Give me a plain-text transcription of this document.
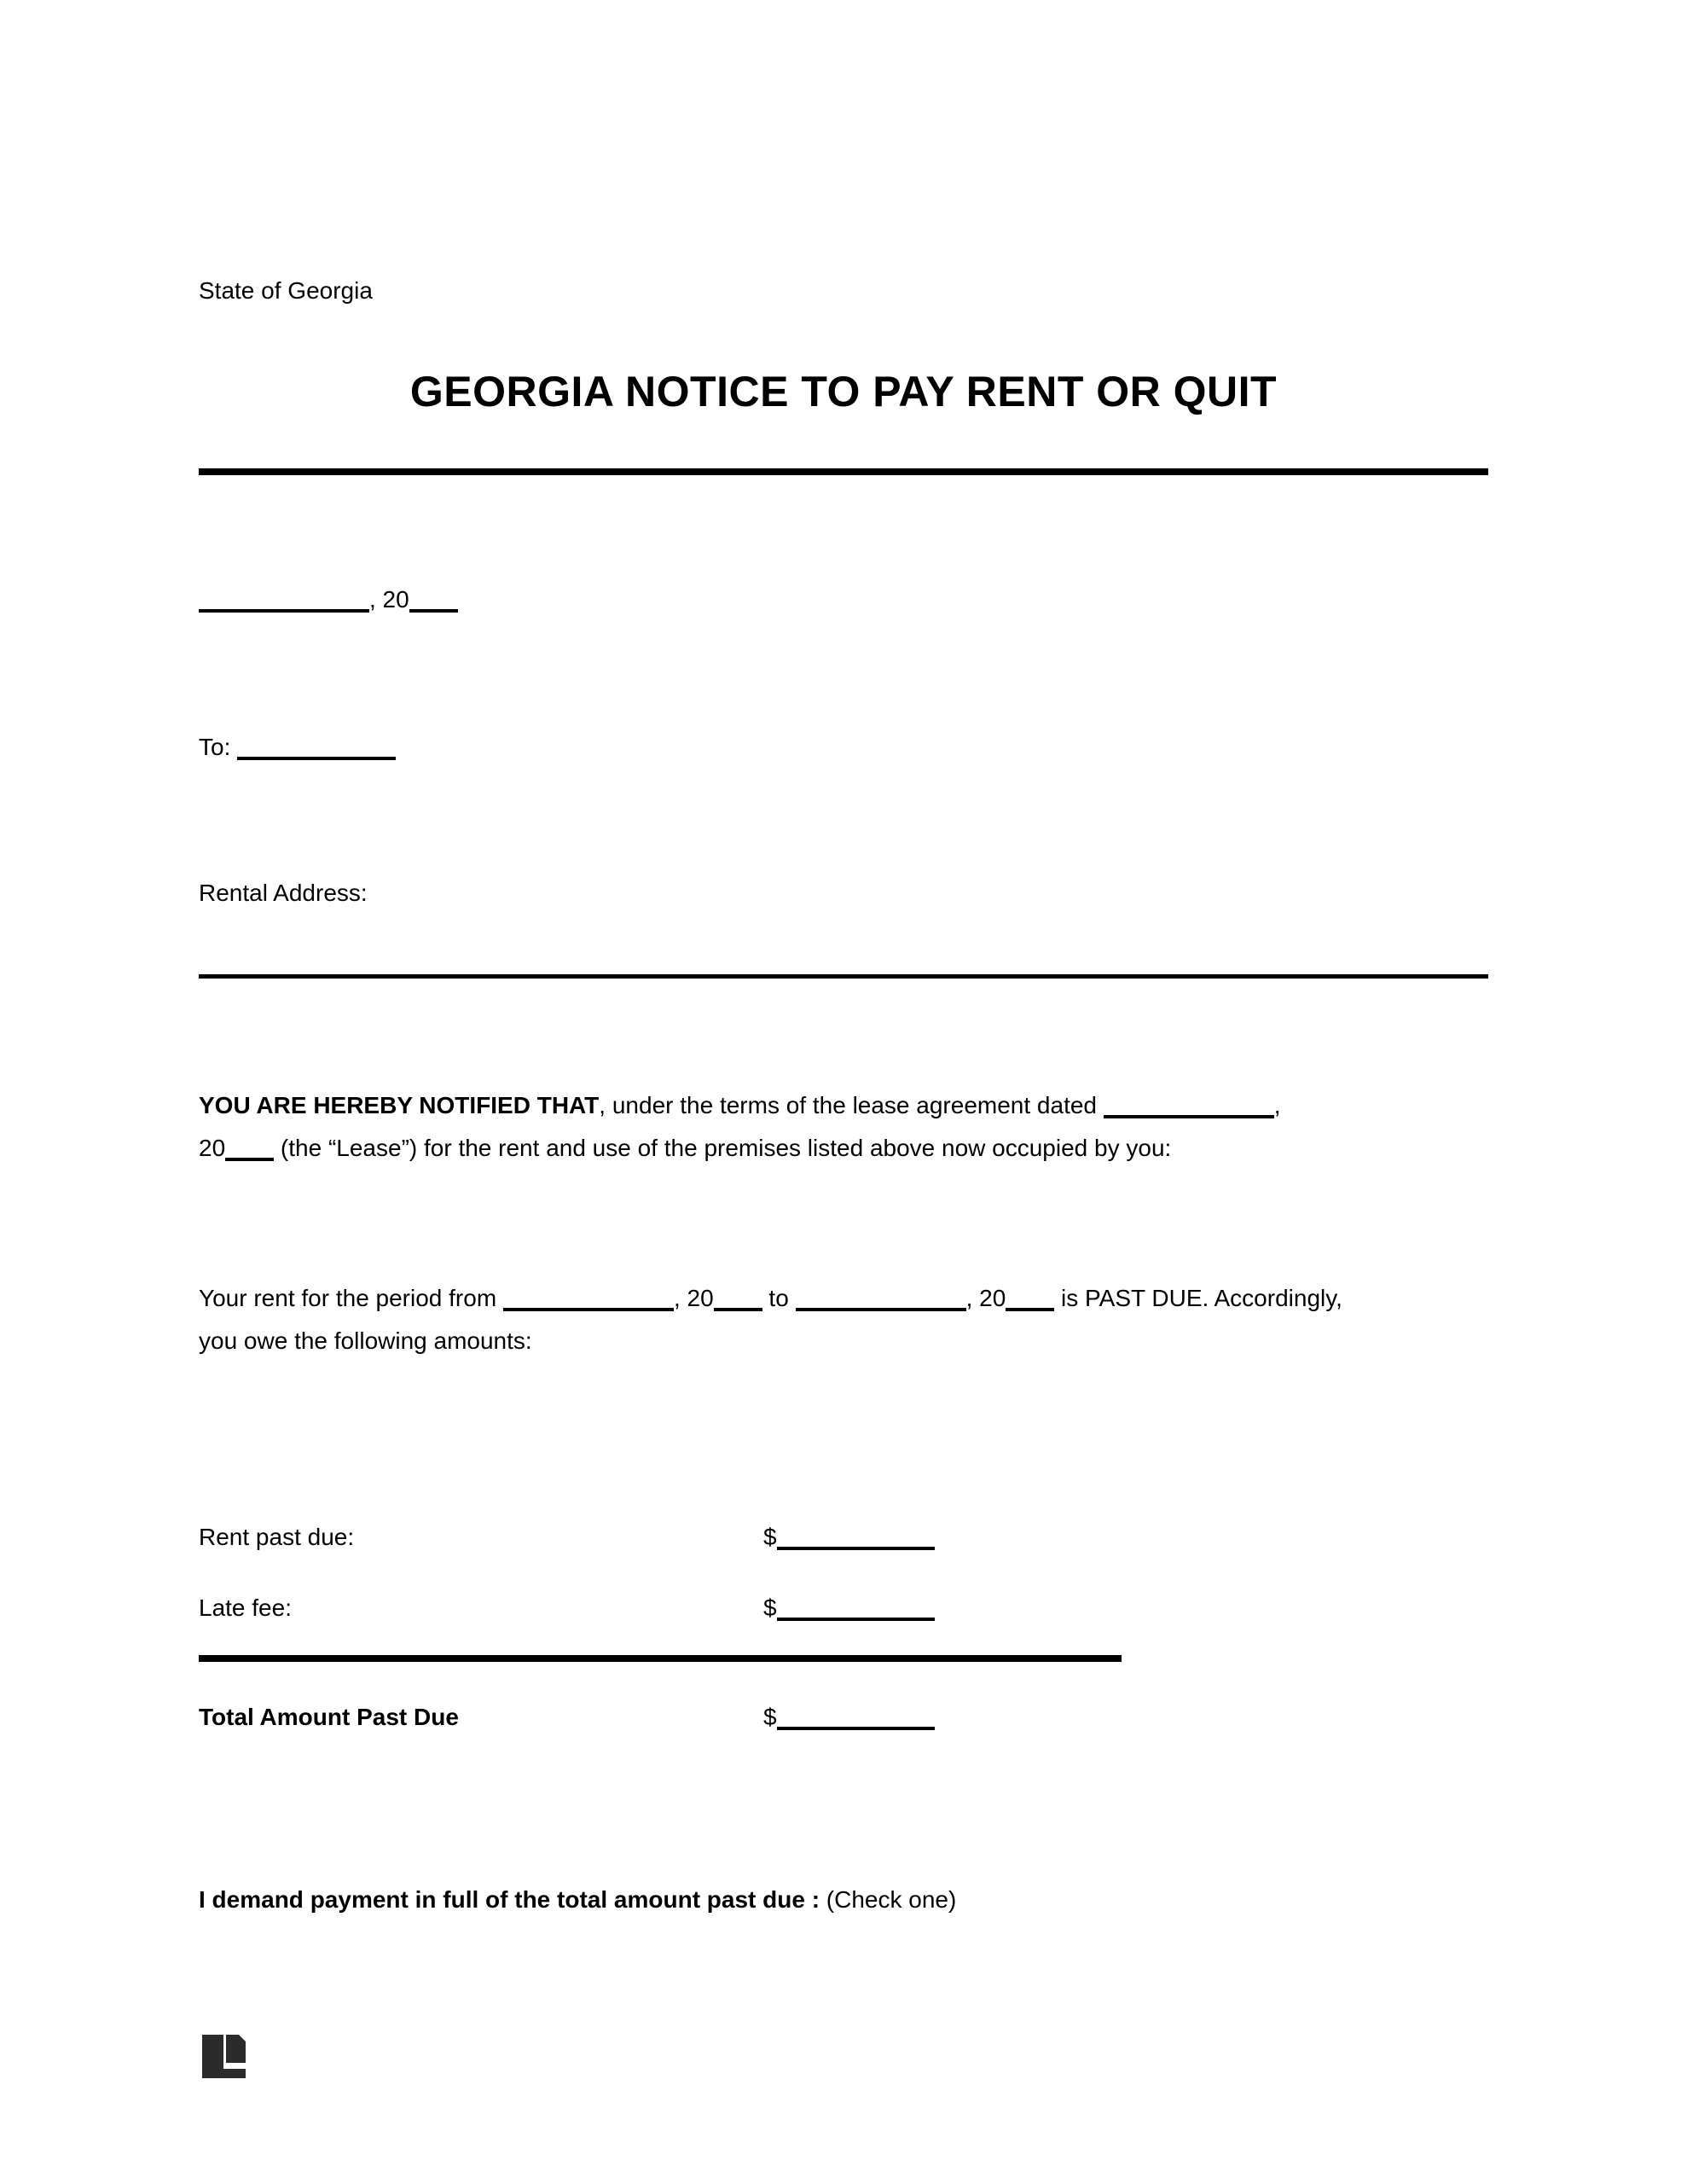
State of Georgia
GEORGIA NOTICE TO PAY RENT OR QUIT
, 20
To:
Rental Address:

YOU ARE HEREBY NOTIFIED THAT, under the terms of the lease agreement dated	,
20 (the “Lease”) for the rent and use of the premises listed above now occupied by you:

Your rent for the period from	, 20 to	, 20 is PAST DUE. Accordingly,
you owe the following amounts:

Rent past due:	$
Late fee:	$
Total Amount Past Due	$
I demand payment in full of the total amount past due : (Check one)
